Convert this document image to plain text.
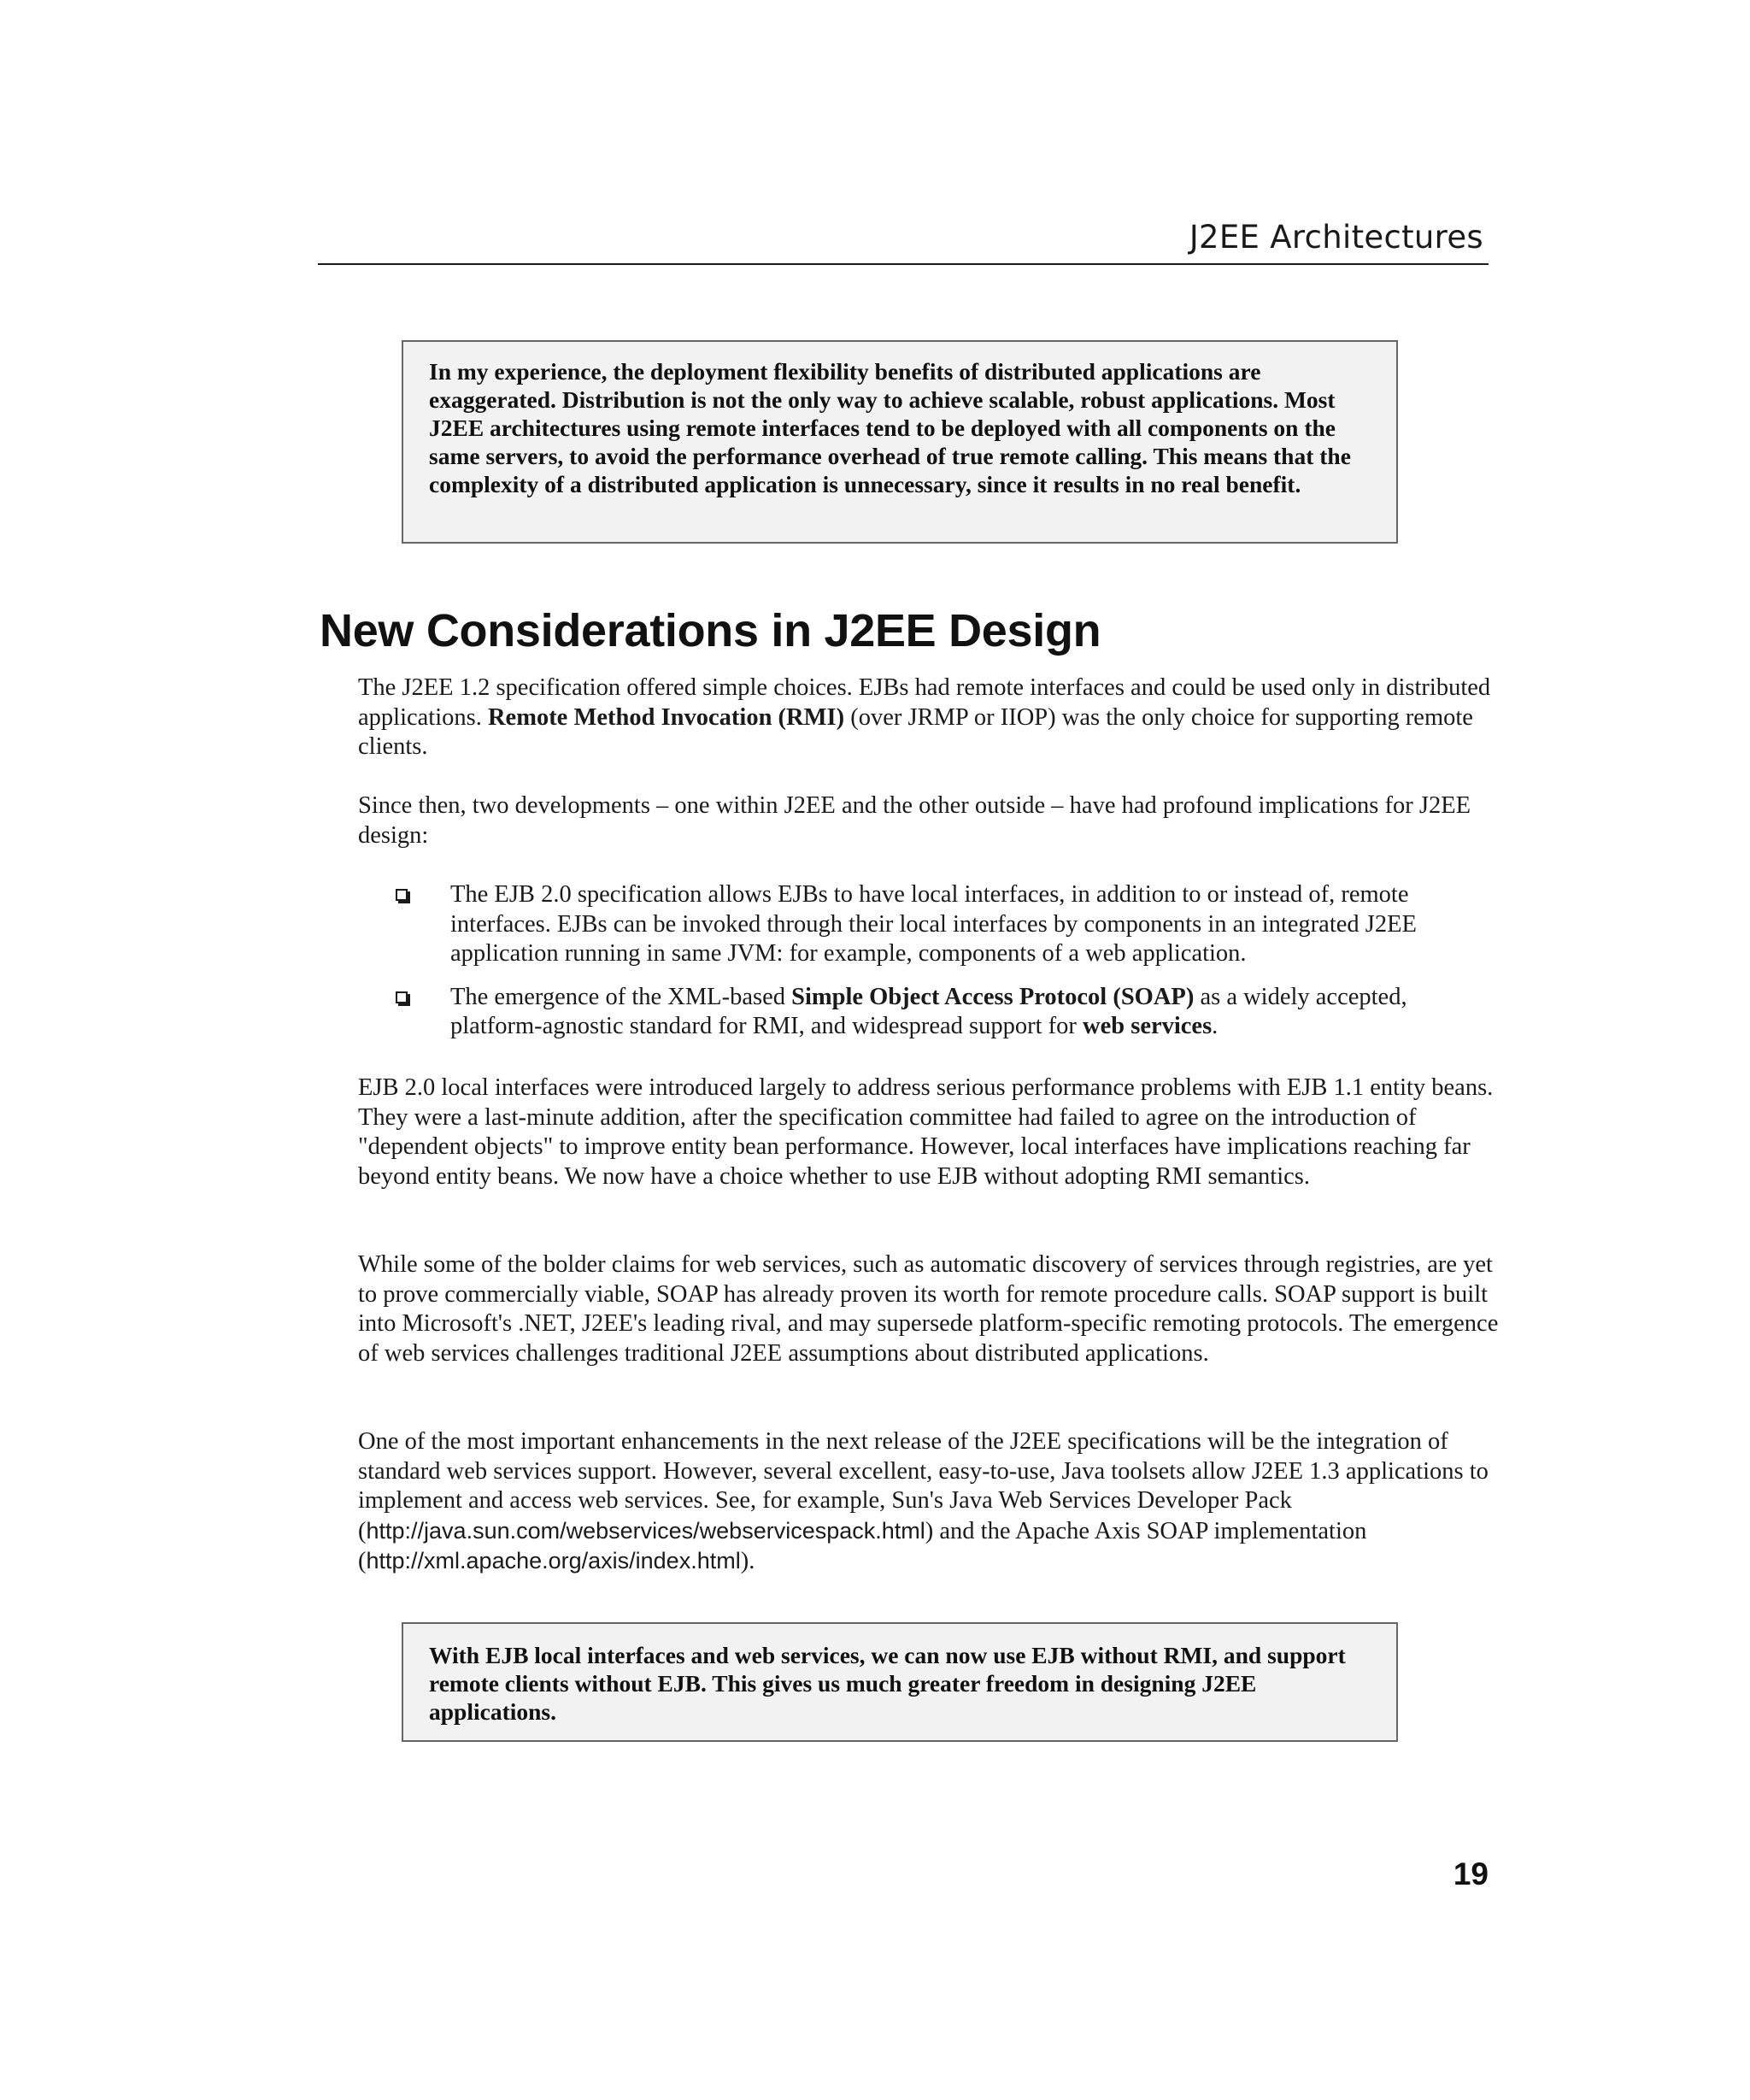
J2EE Architectures

In my experience, the deployment flexibility benefits of distributed applications are exaggerated. Distribution is not the only way to achieve scalable, robust applications. Most J2EE architectures using remote interfaces tend to be deployed with all components on the same servers, to avoid the performance overhead of true remote calling. This means that the complexity of a distributed application is unnecessary, since it results in no real benefit.

New Considerations in J2EE Design

The J2EE 1.2 specification offered simple choices. EJBs had remote interfaces and could be used only in distributed applications. Remote Method Invocation (RMI) (over JRMP or IIOP) was the only choice for supporting remote clients.

Since then, two developments – one within J2EE and the other outside – have had profound implications for J2EE design:

The EJB 2.0 specification allows EJBs to have local interfaces, in addition to or instead of, remote interfaces. EJBs can be invoked through their local interfaces by components in an integrated J2EE application running in same JVM: for example, components of a web application.
The emergence of the XML-based Simple Object Access Protocol (SOAP) as a widely accepted, platform-agnostic standard for RMI, and widespread support for web services.

EJB 2.0 local interfaces were introduced largely to address serious performance problems with EJB 1.1 entity beans. They were a last-minute addition, after the specification committee had failed to agree on the introduction of "dependent objects" to improve entity bean performance. However, local interfaces have implications reaching far beyond entity beans. We now have a choice whether to use EJB without adopting RMI semantics.

While some of the bolder claims for web services, such as automatic discovery of services through registries, are yet to prove commercially viable, SOAP has already proven its worth for remote procedure calls. SOAP support is built into Microsoft's .NET, J2EE's leading rival, and may supersede platform-specific remoting protocols. The emergence of web services challenges traditional J2EE assumptions about distributed applications.

One of the most important enhancements in the next release of the J2EE specifications will be the integration of standard web services support. However, several excellent, easy-to-use, Java toolsets allow J2EE 1.3 applications to implement and access web services. See, for example, Sun's Java Web Services Developer Pack (http://java.sun.com/webservices/webservicespack.html) and the Apache Axis SOAP implementation (http://xml.apache.org/axis/index.html).

With EJB local interfaces and web services, we can now use EJB without RMI, and support remote clients without EJB. This gives us much greater freedom in designing J2EE applications.

19
